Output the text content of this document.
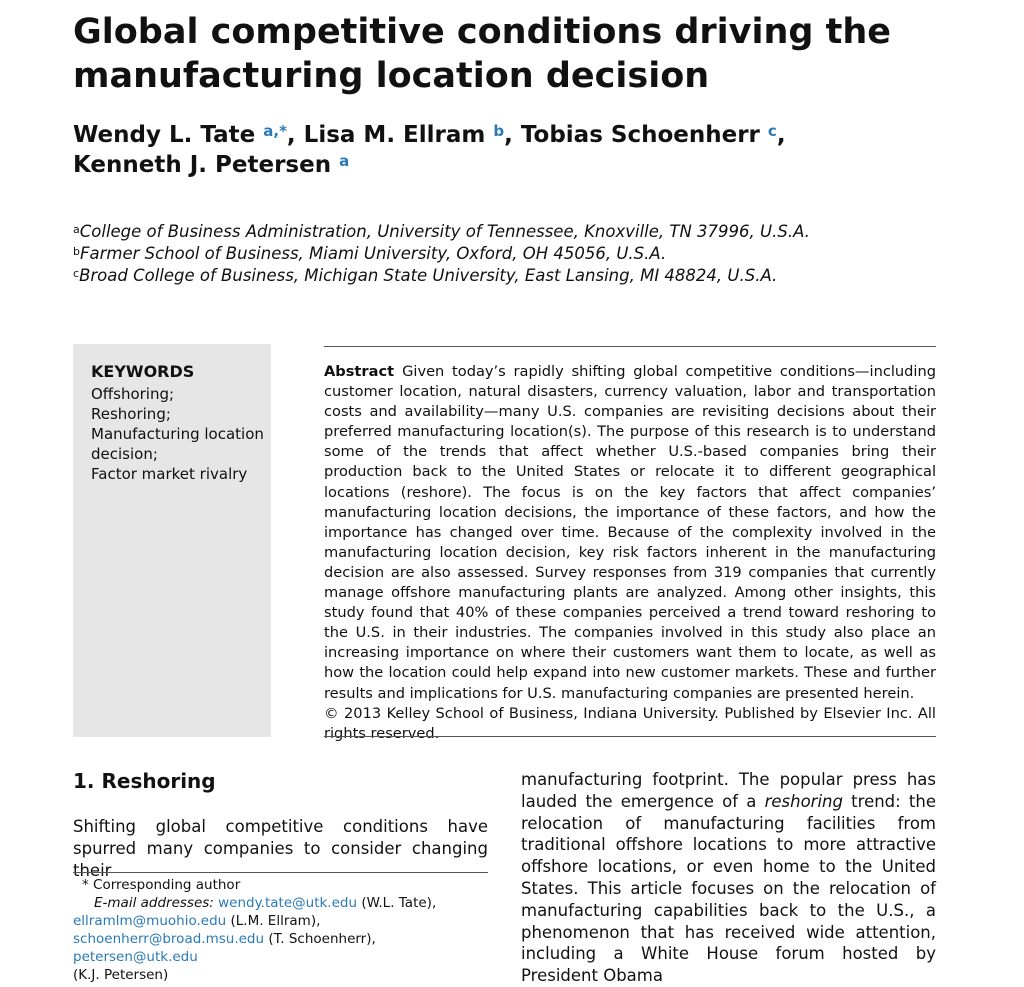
Global competitive conditions driving the manufacturing location decision
Wendy L. Tate $^{a,*}$, Lisa M. Ellram $^b$, Tobias Schoenherr $^c$,
Kenneth J. Petersen $^a$
$^a$College of Business Administration, University of Tennessee, Knoxville, TN 37996, U.S.A.
$^b$Farmer School of Business, Miami University, Oxford, OH 45056, U.S.A.
$^c$Broad College of Business, Michigan State University, East Lansing, MI 48824, U.S.A.
KEYWORDS
Offshoring;
Reshoring;
Manufacturing location decision;
Factor market rivalry
Abstract Given today’s rapidly shifting global competitive conditions—including customer location, natural disasters, currency valuation, labor and transportation costs and availability—many U.S. companies are revisiting decisions about their preferred manufacturing location(s). The purpose of this research is to understand some of the trends that affect whether U.S.-based companies bring their production back to the United States or relocate it to different geographical locations (reshore). The focus is on the key factors that affect companies’ manufacturing location decisions, the importance of these factors, and how the importance has changed over time. Because of the complexity involved in the manufacturing location decision, key risk factors inherent in the manufacturing decision are also assessed. Survey responses from 319 companies that currently manage offshore manufacturing plants are analyzed. Among other insights, this study found that 40% of these companies perceived a trend toward reshoring to the U.S. in their industries. The companies involved in this study also place an increasing importance on where their customers want them to locate, as well as how the location could help expand into new customer markets. These and further results and implications for U.S. manufacturing companies are presented herein.
© 2013 Kelley School of Business, Indiana University. Published by Elsevier Inc. All rights reserved.
1. Reshoring
Shifting global competitive conditions have spurred many companies to consider changing their
manufacturing footprint. The popular press has lauded the emergence of a reshoring trend: the relocation of manufacturing facilities from traditional offshore locations to more attractive offshore locations, or even home to the United States. This article focuses on the relocation of manufacturing capabilities back to the U.S., a phenomenon that has received wide attention, including a White House forum hosted by President Obama
* Corresponding author
E-mail addresses: wendy.tate@utk.edu (W.L. Tate),
ellramlm@muohio.edu (L.M. Ellram),
schoenherr@broad.msu.edu (T. Schoenherr), petersen@utk.edu
(K.J. Petersen)
